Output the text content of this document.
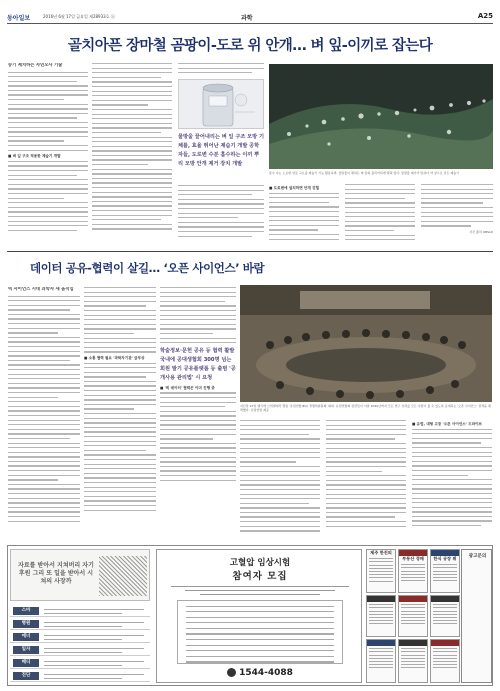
동아일보	2016년 6월 17일 금요일 제28933호 ⓐ	과학	A25
골치아픈 장마철 곰팡이-도로 위 안개… 벼 잎-이끼로 잡는다
송기 제치하는 자연모사 기술
■ 벼 잎 구조 적용한 제습기 개발
물방울 끌어내리는 벼 잎 구조 모방 기체를, 효율 뛰어난 제습기 개발 공학자들, 도로변 수분 흡수하는 이끼 뿌리 모방 안개 제거 장치 개발
통수 사는 도로변 연못 고요를 제습기 기능 활용하면, 물방울이 맺혀든 벼 잎의 폴리커하게 맺혀 있다. 물방울 제거가 밀하다 약 칭으로 만든 제습기
■ 도로변에 설치하면 안개 걷힐
사진 출처 OBSLD
데이터 공유-협력이 살길… ‘오픈 사이언스’ 바람
빅 사이언스 시대 과학자 새 움직임
■ 소통 협력 필요 '과학자기관' 급부상
학술정보·문헌 공유 등 협력 활발 국내에 공대생협회 300명 넘는 회원 발기 공유플랫폼 등 출범 '공개사용 관리법' 시 요청
■ '빅 데이터' 협력은 이미 진행 중
지난달 27일 벨기에 브뤼셀에서 열린 '유럽연합(EU) 경쟁력위원회' 회의. 유럽연합의 장관들이 이날 2020년까지 모든 연구 성과를 모든 사람이 볼 수 있도록 공개하는 '오픈 사이언스' 정책을 채택했다. 유럽연합 제공
■ 유럽, 대형 고등 '오픈 사이언스' 드라이브
자료를 받아서 지쳐버리 자기 후원 그리 또 일을 받아서 시쳐의 사장까
스마
병원
에너
일자
메디
진단
고혈압 임상시험
참여자 모집
1544-4088
제주 한진의
부동산 경매	한식 공장 뷔	광고문의
